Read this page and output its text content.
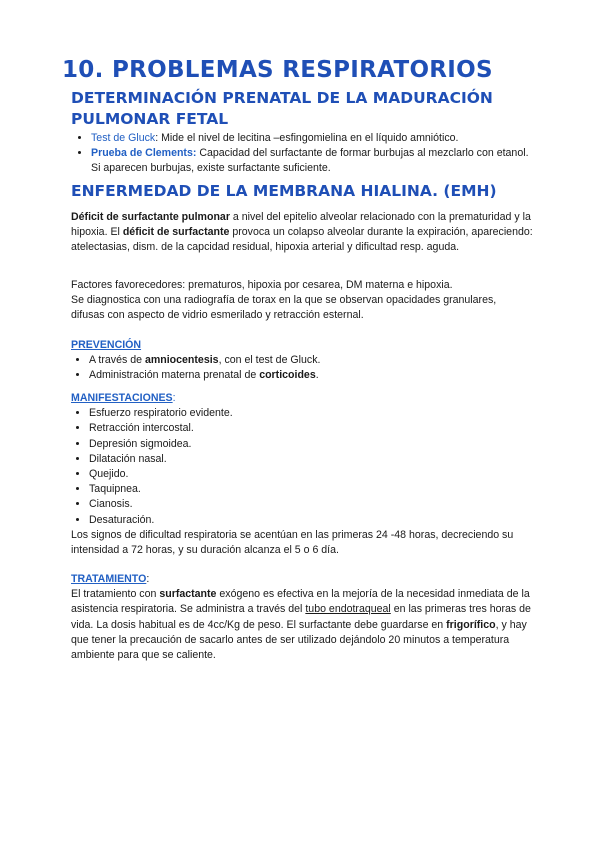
10. PROBLEMAS RESPIRATORIOS
DETERMINACIÓN PRENATAL DE LA MADURACIÓN PULMONAR FETAL
• Test de Gluck: Mide el nivel de lecitina –esfingomielina en el líquido amniótico.
• Prueba de Clements: Capacidad del surfactante de formar burbujas al mezclarlo con etanol. Si aparecen burbujas, existe surfactante suficiente.
ENFERMEDAD DE LA MEMBRANA HIALINA. (EMH)

Déficit de surfactante pulmonar a nivel del epitelio alveolar relacionado con la prematuridad y la hipoxia. El déficit de surfactante provoca un colapso alveolar durante la expiración, apareciendo: atelectasias, dism. de la capcidad residual, hipoxia arterial y dificultad resp. aguda.

Factores favorecedores: prematuros, hipoxia por cesarea, DM materna e hipoxia.

Se diagnostica con una radiografía de torax en la que se observan opacidades granulares,

difusas con aspecto de vidrio esmerilado y retracción esternal.

PREVENCIÓN
• A través de amniocentesis, con el test de Gluck.
• Administración materna prenatal de corticoides.
MANIFESTACIONES:
• Esfuerzo respiratorio evidente.
• Retracción intercostal.
• Depresión sigmoidea.
• Dilatación nasal.
• Quejido.
• Taquipnea.
• Cianosis.
• Desaturación.

Los signos de dificultad respiratoria se acentúan en las primeras 24 -48 horas, decreciendo su intensidad a 72 horas, y su duración alcanza el 5 o 6 día.

TRATAMIENTO:

El tratamiento con surfactante exógeno es efectiva en la mejoría de la necesidad inmediata de la asistencia respiratoria. Se administra a través del tubo endotraqueal en las primeras tres horas de vida. La dosis habitual es de 4cc/Kg de peso. El surfactante debe guardarse en frigorífico, y hay que tener la precaución de sacarlo antes de ser utilizado dejándolo 20 minutos a temperatura ambiente para que se caliente.
